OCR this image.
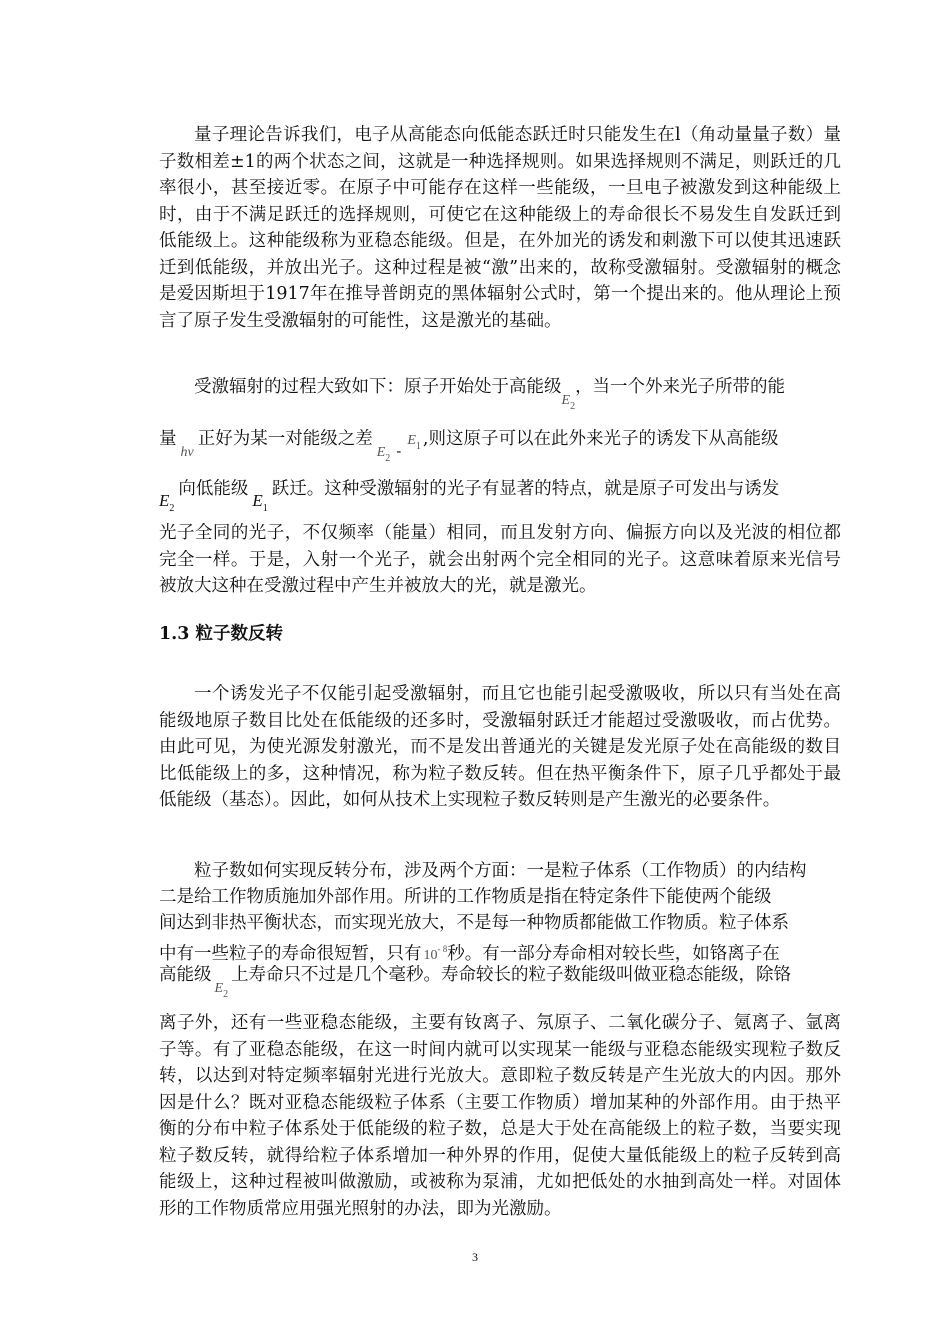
量子理论告诉我们，电子从高能态向低能态跃迁时只能发生在l（角动量量子数）量子数相差±1的两个状态之间，这就是一种选择规则。如果选择规则不满足，则跃迁的几率很小，甚至接近零。在原子中可能存在这样一些能级，一旦电子被激发到这种能级上时，由于不满足跃迁的选择规则，可使它在这种能级上的寿命很长不易发生自发跃迁到低能级上。这种能级称为亚稳态能级。但是，在外加光的诱发和刺激下可以使其迅速跃迁到低能级，并放出光子。这种过程是被“激”出来的，故称受激辐射。受激辐射的概念是爱因斯坦于1917年在推导普朗克的黑体辐射公式时，第一个提出来的。他从理论上预言了原子发生受激辐射的可能性，这是激光的基础。

受激辐射的过程大致如下：原子开始处于高能级$_{E_2}$，当一个外来光子所带的能
量$_{hv}$正好为某一对能级之差$_{E_2}$ $-E_1$ ,则这原子可以在此外来光子的诱发下从高能级
$E_2$向低能级$E_1$跃迁。这种受激辐射的光子有显著的特点，就是原子可发出与诱发

光子全同的光子，不仅频率（能量）相同，而且发射方向、偏振方向以及光波的相位都完全一样。于是，入射一个光子，就会出射两个完全相同的光子。这意味着原来光信号被放大这种在受激过程中产生并被放大的光，就是激光。

1.3 粒子数反转

一个诱发光子不仅能引起受激辐射，而且它也能引起受激吸收，所以只有当处在高能级地原子数目比处在低能级的还多时，受激辐射跃迁才能超过受激吸收，而占优势。由此可见，为使光源发射激光，而不是发出普通光的关键是发光原子处在高能级的数目比低能级上的多，这种情况，称为粒子数反转。但在热平衡条件下，原子几乎都处于最低能级（基态）。因此，如何从技术上实现粒子数反转则是产生激光的必要条件。

粒子数如何实现反转分布，涉及两个方面：一是粒子体系（工作物质）的内结构
二是给工作物质施加外部作用。所讲的工作物质是指在特定条件下能使两个能级
间达到非热平衡状态，而实现光放大，不是每一种物质都能做工作物质。粒子体系
中有一些粒子的寿命很短暂，只有 $10^{- 8}$秒。有一部分寿命相对较长些，如铬离子在
高能级$_{E_2}$上寿命只不过是几个毫秒。寿命较长的粒子数能级叫做亚稳态能级，除铬

离子外，还有一些亚稳态能级，主要有钕离子、氖原子、二氧化碳分子、氪离子、氩离子等。有了亚稳态能级，在这一时间内就可以实现某一能级与亚稳态能级实现粒子数反转，以达到对特定频率辐射光进行光放大。意即粒子数反转是产生光放大的内因。那外因是什么？既对亚稳态能级粒子体系（主要工作物质）增加某种的外部作用。由于热平衡的分布中粒子体系处于低能级的粒子数，总是大于处在高能级上的粒子数，当要实现粒子数反转，就得给粒子体系增加一种外界的作用，促使大量低能级上的粒子反转到高能级上，这种过程被叫做激励，或被称为泵浦，尤如把低处的水抽到高处一样。对固体形的工作物质常应用强光照射的办法，即为光激励。

3
